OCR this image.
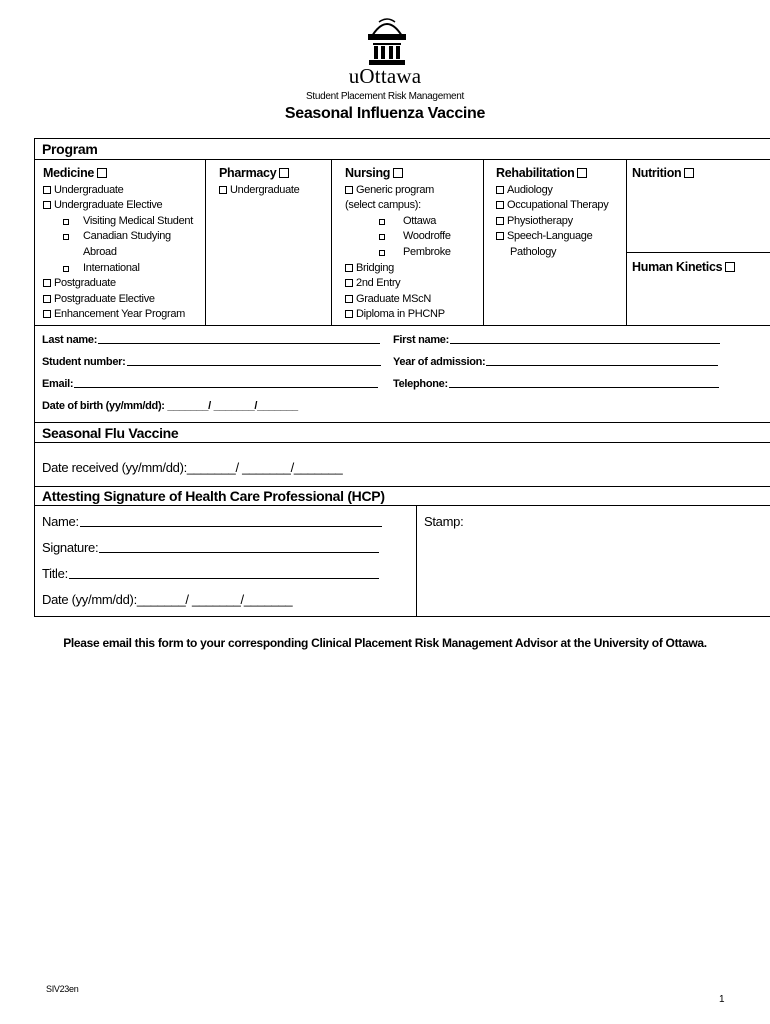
uOttawa
Student Placement Risk Management
Seasonal Influenza Vaccine
Program
Medicine
Undergraduate
Undergraduate Elective
Visiting Medical Student
Canadian Studying
Abroad
International
Postgraduate
Postgraduate Elective
Enhancement Year Program
Pharmacy
Undergraduate
Nursing
Generic program
(select campus):
Ottawa
Woodroffe
Pembroke
Bridging
2nd Entry
Graduate MScN
Diploma in PHCNP
Rehabilitation
Audiology
Occupational Therapy
Physiotherapy
Speech-Language
Pathology
Nutrition
Human Kinetics
Last name:	First name:
Student number:	Year of admission:
Email:	Telephone:
Date of birth (yy/mm/dd): _______/ _______/_______
Seasonal Flu Vaccine
Date received (yy/mm/dd):_______/ _______/_______
Attesting Signature of Health Care Professional (HCP)
Name:
Signature:
Title:
Date (yy/mm/dd):_______/ _______/_______
Stamp:
Please email this form to your corresponding Clinical Placement Risk Management Advisor at the University of Ottawa.
SIV23en
1
